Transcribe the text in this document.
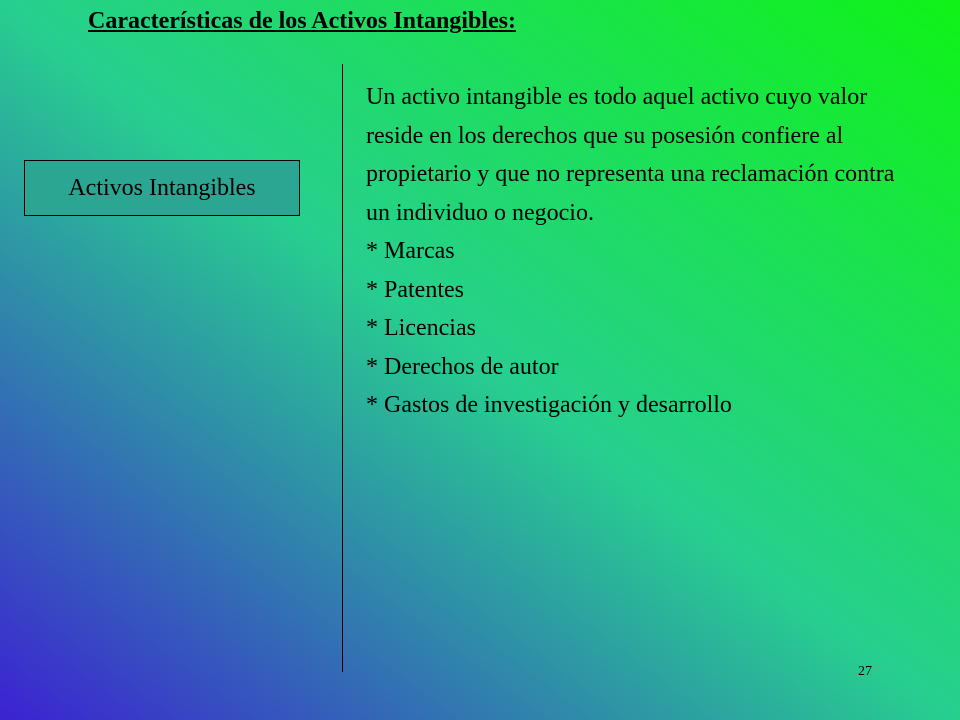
Características de los Activos Intangibles:
Activos Intangibles

Un activo intangible es todo aquel activo cuyo valor reside en los derechos que su posesión confiere al propietario y que no representa una reclamación contra un individuo o negocio.

* Marcas
* Patentes
* Licencias
* Derechos de autor
* Gastos de investigación y desarrollo
27
